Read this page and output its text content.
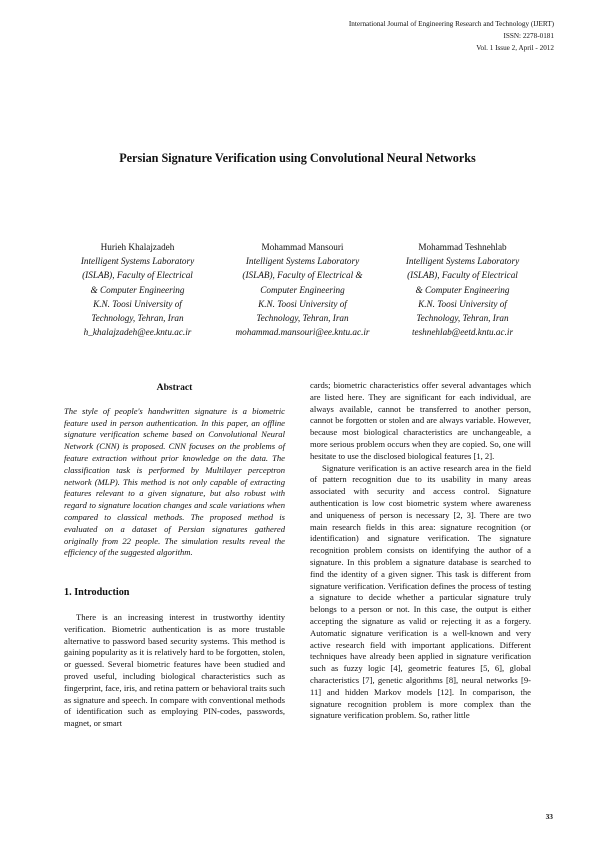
International Journal of Engineering Research and Technology (IJERT)
ISSN: 2278-0181
Vol. 1 Issue 2, April - 2012
Persian Signature Verification using Convolutional Neural Networks
Hurieh Khalajzadeh
Intelligent Systems Laboratory
(ISLAB), Faculty of Electrical
& Computer Engineering
K.N. Toosi University of
Technology, Tehran, Iran
h_khalajzadeh@ee.kntu.ac.ir
Mohammad Mansouri
Intelligent Systems Laboratory
(ISLAB), Faculty of Electrical &
Computer Engineering
K.N. Toosi University of
Technology, Tehran, Iran
mohammad.mansouri@ee.kntu.ac.ir
Mohammad Teshnehlab
Intelligent Systems Laboratory
(ISLAB), Faculty of Electrical
& Computer Engineering
K.N. Toosi University of
Technology, Tehran, Iran
teshnehlab@eetd.kntu.ac.ir
Abstract

The style of people's handwritten signature is a biometric feature used in person authentication. In this paper, an offline signature verification scheme based on Convolutional Neural Network (CNN) is proposed. CNN focuses on the problems of feature extraction without prior knowledge on the data. The classification task is performed by Multilayer perceptron network (MLP). This method is not only capable of extracting features relevant to a given signature, but also robust with regard to signature location changes and scale variations when compared to classical methods. The proposed method is evaluated on a dataset of Persian signatures gathered originally from 22 people. The simulation results reveal the efficiency of the suggested algorithm.

1. Introduction

There is an increasing interest in trustworthy identity verification. Biometric authentication is as more trustable alternative to password based security systems. This method is gaining popularity as it is relatively hard to be forgotten, stolen, or guessed. Several biometric features have been studied and proved useful, including biological characteristics such as fingerprint, face, iris, and retina pattern or behavioral traits such as signature and speech. In compare with conventional methods of identification such as employing PIN-codes, passwords, magnet, or smart

cards; biometric characteristics offer several advantages which are listed here. They are significant for each individual, are always available, cannot be transferred to another person, cannot be forgotten or stolen and are always variable. However, because most biological characteristics are unchangeable, a more serious problem occurs when they are copied. So, one will hesitate to use the disclosed biological features [1, 2].

Signature verification is an active research area in the field of pattern recognition due to its usability in many areas associated with security and access control. Signature authentication is low cost biometric system where awareness and uniqueness of person is necessary [2, 3]. There are two main research fields in this area: signature recognition (or identification) and signature verification. The signature recognition problem consists on identifying the author of a signature. In this problem a signature database is searched to find the identity of a given signer. This task is different from signature verification. Verification defines the process of testing a signature to decide whether a particular signature truly belongs to a person or not. In this case, the output is either accepting the signature as valid or rejecting it as a forgery. Automatic signature verification is a well-known and very active research field with important applications. Different techniques have already been applied in signature verification such as fuzzy logic [4], geometric features [5, 6], global characteristics [7], genetic algorithms [8], neural networks [9-11] and hidden Markov models [12]. In comparison, the signature recognition problem is more complex than the signature verification problem. So, rather little

33
